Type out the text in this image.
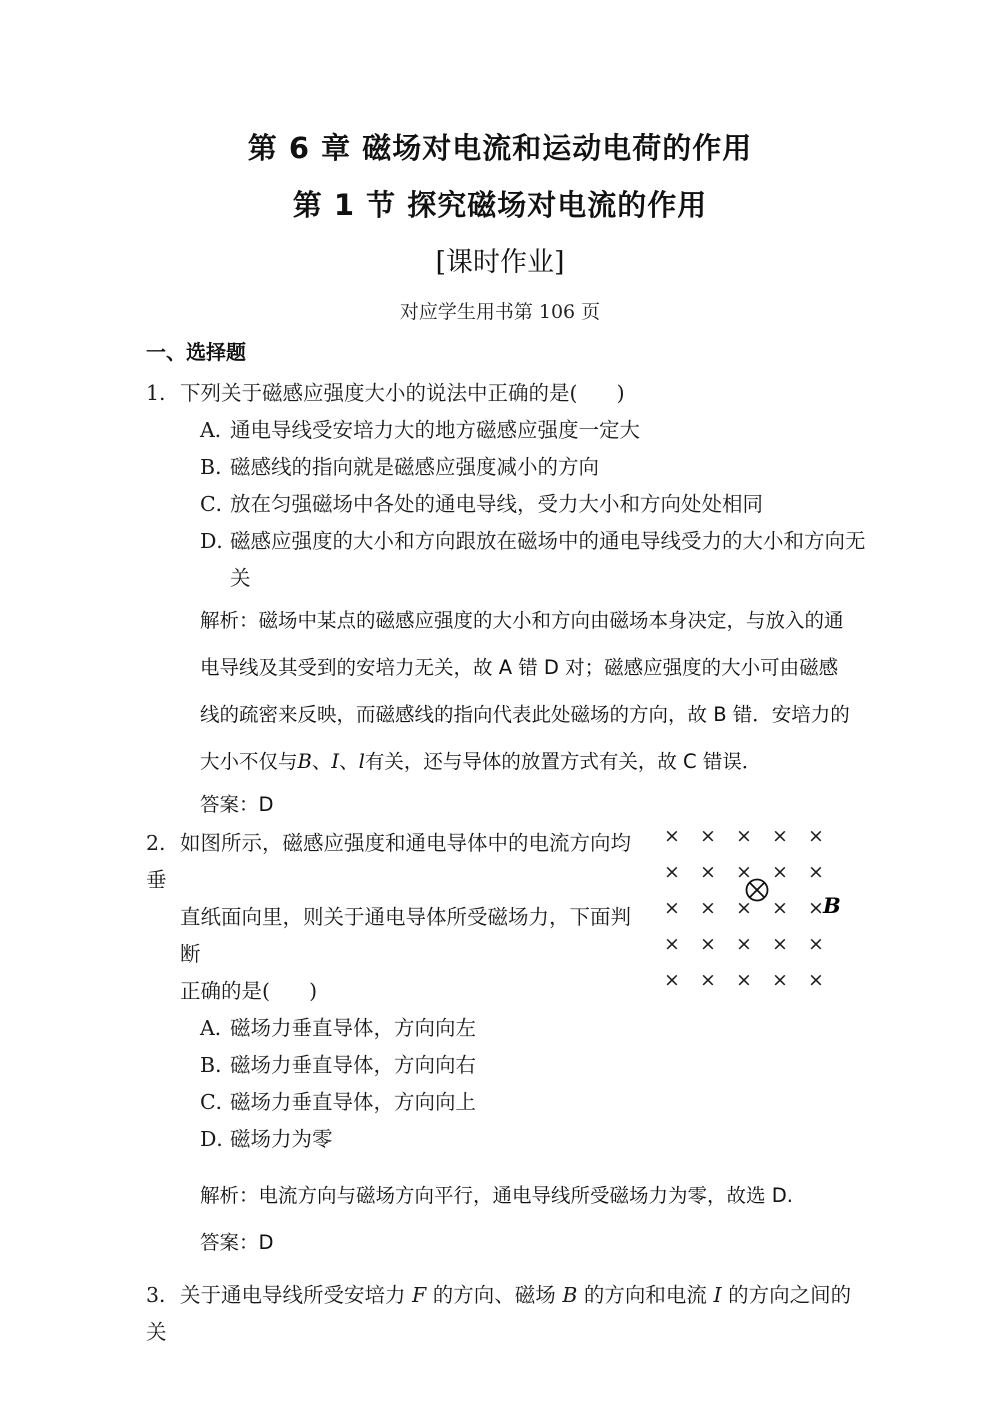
第 6 章 磁场对电流和运动电荷的作用
第 1 节 探究磁场对电流的作用
[课时作业]
对应学生用书第 106 页
一、选择题
1. 下列关于磁感应强度大小的说法中正确的是(      )
A．通电导线受安培力大的地方磁感应强度一定大
B．磁感线的指向就是磁感应强度减小的方向
C．放在匀强磁场中各处的通电导线，受力大小和方向处处相同
D．磁感应强度的大小和方向跟放在磁场中的通电导线受力的大小和方向无
关
解析：磁场中某点的磁感应强度的大小和方向由磁场本身决定，与放入的通
电导线及其受到的安培力无关，故 A 错 D 对；磁感应强度的大小可由磁感
线的疏密来反映，而磁感线的指向代表此处磁场的方向，故 B 错．安培力的
大小不仅与B、I、l有关，还与导体的放置方式有关，故 C 错误．
答案：D
2. 如图所示，磁感应强度和通电导体中的电流方向均垂
直纸面向里，则关于通电导体所受磁场力，下面判断
正确的是(      )
× × × × ×
× × × × ×
× × × × ×
× × × × ×
× × × × ×
B
A．磁场力垂直导体，方向向左
B．磁场力垂直导体，方向向右
C．磁场力垂直导体，方向向上
D．磁场力为零
解析：电流方向与磁场方向平行，通电导线所受磁场力为零，故选 D.
答案：D
3．关于通电导线所受安培力 F 的方向、磁场 B 的方向和电流 I 的方向之间的关
